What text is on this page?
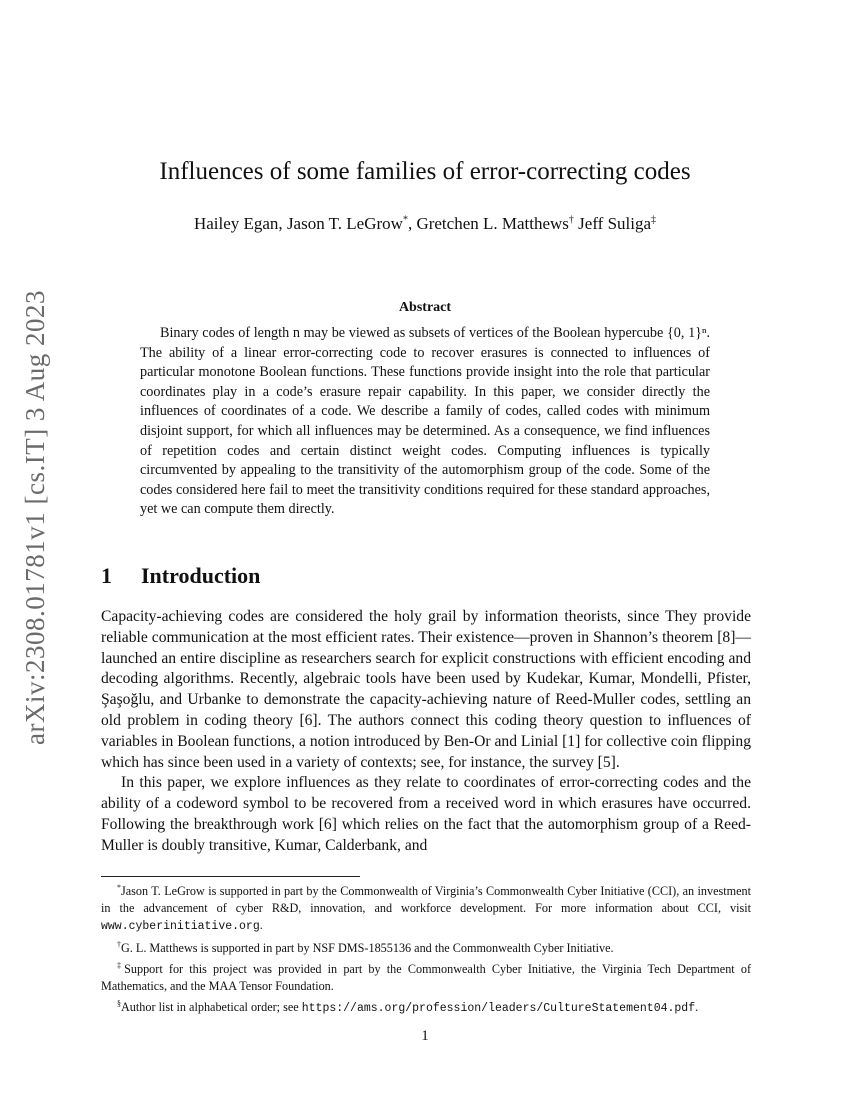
arXiv:2308.01781v1 [cs.IT] 3 Aug 2023
Influences of some families of error-correcting codes
Hailey Egan, Jason T. LeGrow*, Gretchen L. Matthews† Jeff Suliga‡
Abstract
Binary codes of length n may be viewed as subsets of vertices of the Boolean hypercube {0, 1}ⁿ. The ability of a linear error-correcting code to recover erasures is connected to influences of particular monotone Boolean functions. These functions provide insight into the role that particular coordinates play in a code’s erasure repair capability. In this paper, we consider directly the influences of coordinates of a code. We describe a family of codes, called codes with minimum disjoint support, for which all influences may be determined. As a consequence, we find influences of repetition codes and certain distinct weight codes. Computing influences is typically circumvented by appealing to the transitivity of the automorphism group of the code. Some of the codes considered here fail to meet the transitivity conditions required for these standard approaches, yet we can compute them directly.
1 Introduction

Capacity-achieving codes are considered the holy grail by information theorists, since They provide reliable communication at the most efficient rates. Their existence—proven in Shannon’s theorem [8]—launched an entire discipline as researchers search for explicit constructions with efficient encoding and decoding algorithms. Recently, algebraic tools have been used by Kudekar, Kumar, Mondelli, Pfister, Şaşoğlu, and Urbanke to demonstrate the capacity-achieving nature of Reed-Muller codes, settling an old problem in coding theory [6]. The authors connect this coding theory question to influences of variables in Boolean functions, a notion introduced by Ben-Or and Linial [1] for collective coin flipping which has since been used in a variety of contexts; see, for instance, the survey [5].

In this paper, we explore influences as they relate to coordinates of error-correcting codes and the ability of a codeword symbol to be recovered from a received word in which erasures have occurred. Following the breakthrough work [6] which relies on the fact that the automorphism group of a Reed-Muller is doubly transitive, Kumar, Calderbank, and

*Jason T. LeGrow is supported in part by the Commonwealth of Virginia’s Commonwealth Cyber Initiative (CCI), an investment in the advancement of cyber R&D, innovation, and workforce development. For more information about CCI, visit www.cyberinitiative.org.

†G. L. Matthews is supported in part by NSF DMS-1855136 and the Commonwealth Cyber Initiative.

‡Support for this project was provided in part by the Commonwealth Cyber Initiative, the Virginia Tech Department of Mathematics, and the MAA Tensor Foundation.

§Author list in alphabetical order; see https://ams.org/profession/leaders/CultureStatement04.pdf.

1
